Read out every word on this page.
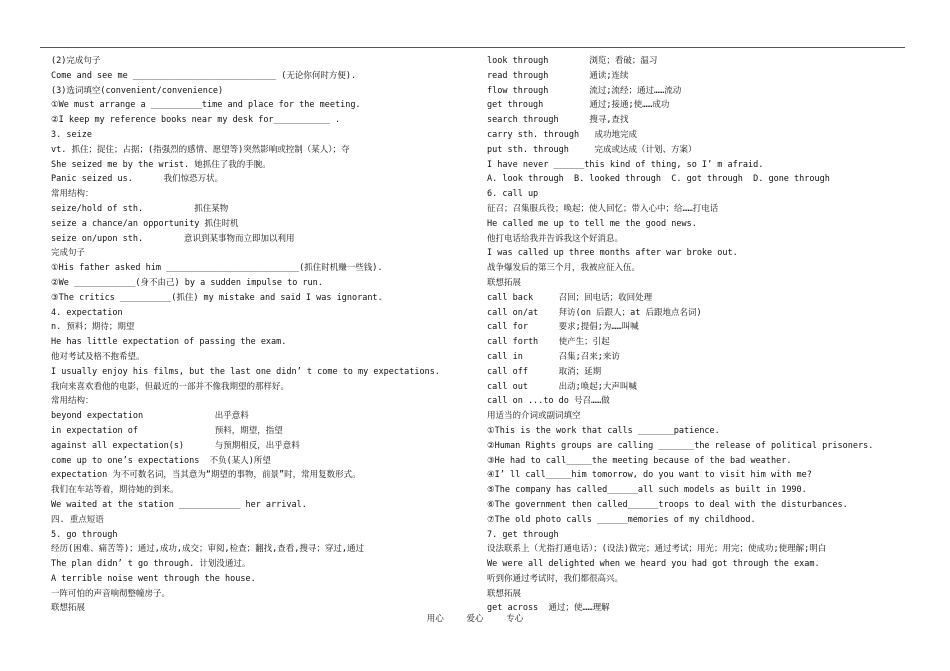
(2)完成句子
Come and see me ____________________________ (无论你何时方便).
(3)选词填空(convenient/convenience)
①We must arrange a __________time and place for the meeting.
②I keep my reference books near my desk for___________ .
3. seize
vt. 抓住；捉住；占据；(指强烈的感情、愿望等)突然影响或控制（某人）；夺
She seized me by the wrist. 她抓住了我的手腕。
Panic seized us.      我们惊恐万状。
常用结构：
seize/hold of sth.          抓住某物
seize a chance/an opportunity 抓住时机
seize on/upon sth.        意识到某事物而立即加以利用
完成句子
①His father asked him __________________________(抓住时机赚一些钱).
②We ____________(身不由己) by a sudden impulse to run.
③The critics __________(抓住) my mistake and said I was ignorant.
4. expectation
n. 预料；期待；期望
He has little expectation of passing the exam.
他对考试及格不抱希望。
I usually enjoy his films, but the last one didn’ t come to my expectations.
我向来喜欢看他的电影，但最近的一部并不像我期望的那样好。
常用结构：
beyond expectation              出乎意料
in expectation of               预料，期望，指望
against all expectation(s)      与预期相反，出乎意料
come up to one’s expectations  不负(某人)所望
expectation 为不可数名词，当其意为“期望的事物，前景”时，常用复数形式。
我们在车站等着，期待她的到来。
We waited at the station ____________ her arrival.
四. 重点短语
5. go through
经历(困难、痛苦等)；通过,成功,成交；审阅,检查；翻找,查看,搜寻；穿过,通过
The plan didn’ t go through. 计划没通过。
A terrible noise went through the house.
一阵可怕的声音响彻整幢房子。
联想拓展
look through        浏览；看破；温习
read through        通读;连续
flow through        流过;流经；通过……流动
get through         通过;接通;使……成功
search through      搜寻,查找
carry sth. through   成功地完成
put sth. through     完成或达成（计划、方案）
I have never ______this kind of thing, so I’ m afraid.
A. look through  B. looked through  C. got through  D. gone through
6. call up
征召；召集服兵役；唤起；使人回忆；带入心中；给……打电话
He called me up to tell me the good news.
他打电话给我并告诉我这个好消息。
I was called up three months after war broke out.
战争爆发后的第三个月，我被应征入伍。
联想拓展
call back     召回；回电话；收回处理
call on/at    拜访(on 后跟人；at 后跟地点名词)
call for      要求;提倡;为……叫喊
call forth    使产生；引起
call in       召集;召来;来访
call off      取消；延期
call out      出动;唤起;大声叫喊
call on ...to do 号召……做
用适当的介词或副词填空
①This is the work that calls _______patience.
②Human Rights groups are calling _______the release of political prisoners.
③He had to call_____the meeting because of the bad weather.
④I’ ll call_____him tomorrow, do you want to visit him with me?
⑤The company has called______all such models as built in 1990.
⑥The government then called______troops to deal with the disturbances.
⑦The old photo calls ______memories of my childhood.
7. get through
设法联系上（尤指打通电话）；(设法)做完；通过考试；用光；用完；使成功;使理解;明白
We were all delighted when we heard you had got through the exam.
听到你通过考试时，我们都很高兴。
联想拓展
get across  通过；使……理解
用心	爱心	专心
